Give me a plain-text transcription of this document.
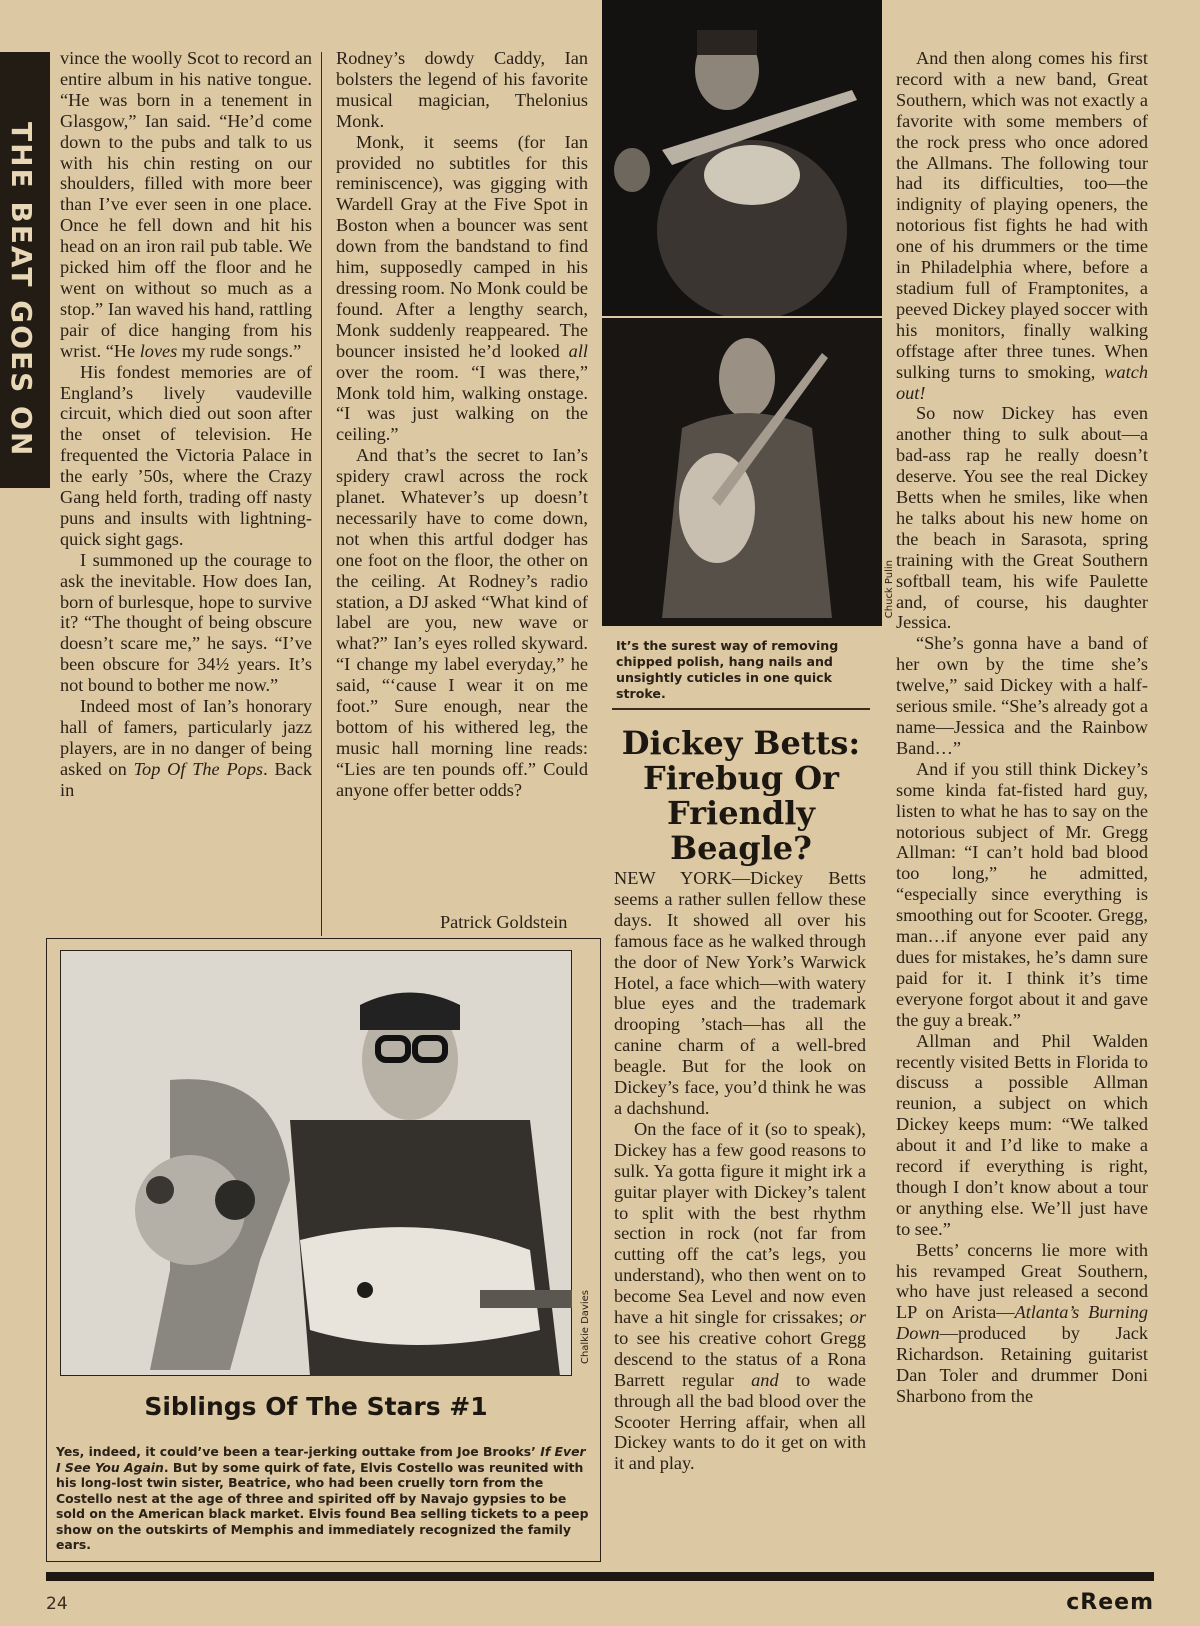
THE BEAT GOES ON

vince the woolly Scot to record an entire album in his native tongue. “He was born in a tenement in Glasgow,” Ian said. “He’d come down to the pubs and talk to us with his chin resting on our shoulders, filled with more beer than I’ve ever seen in one place. Once he fell down and hit his head on an iron rail pub table. We picked him off the floor and he went on without so much as a stop.” Ian waved his hand, rattling pair of dice hanging from his wrist. “He loves my rude songs.”

His fondest memories are of England’s lively vaudeville circuit, which died out soon after the onset of television. He frequented the Victoria Palace in the early ’50s, where the Crazy Gang held forth, trading off nasty puns and insults with lightning-quick sight gags.

I summoned up the courage to ask the inevitable. How does Ian, born of burlesque, hope to survive it? “The thought of being obscure doesn’t scare me,” he says. “I’ve been obscure for 34½ years. It’s not bound to bother me now.”

Indeed most of Ian’s honorary hall of famers, particularly jazz players, are in no danger of being asked on Top Of The Pops. Back in

Rodney’s dowdy Caddy, Ian bolsters the legend of his favorite musical magician, Thelonius Monk.

Monk, it seems (for Ian provided no subtitles for this reminiscence), was gigging with Wardell Gray at the Five Spot in Boston when a bouncer was sent down from the bandstand to find him, supposedly camped in his dressing room. No Monk could be found. After a lengthy search, Monk suddenly reappeared. The bouncer insisted he’d looked all over the room. “I was there,” Monk told him, walking onstage. “I was just walking on the ceiling.”

And that’s the secret to Ian’s spidery crawl across the rock planet. Whatever’s up doesn’t necessarily have to come down, not when this artful dodger has one foot on the floor, the other on the ceiling. At Rodney’s radio station, a DJ asked “What kind of label are you, new wave or what?” Ian’s eyes rolled skyward. “I change my label everyday,” he said, “‘cause I wear it on me foot.” Sure enough, near the bottom of his withered leg, the music hall morning line reads: “Lies are ten pounds off.” Could anyone offer better odds?

Patrick Goldstein
Chuck Pulin
It’s the surest way of removing chipped polish, hang nails and unsightly cuticles in one quick stroke.
Dickey Betts:
Firebug Or
Friendly
Beagle?

NEW YORK—Dickey Betts seems a rather sullen fellow these days. It showed all over his famous face as he walked through the door of New York’s Warwick Hotel, a face which—with watery blue eyes and the trademark drooping ’stach—has all the canine charm of a well-bred beagle. But for the look on Dickey’s face, you’d think he was a dachshund.

On the face of it (so to speak), Dickey has a few good reasons to sulk. Ya gotta figure it might irk a guitar player with Dickey’s talent to split with the best rhythm section in rock (not far from cutting off the cat’s legs, you understand), who then went on to become Sea Level and now even have a hit single for crissakes; or to see his creative cohort Gregg descend to the status of a Rona Barrett regular and to wade through all the bad blood over the Scooter Herring affair, when all Dickey wants to do it get on with it and play.

And then along comes his first record with a new band, Great Southern, which was not exactly a favorite with some members of the rock press who once adored the Allmans. The following tour had its difficulties, too—the indignity of playing openers, the notorious fist fights he had with one of his drummers or the time in Philadelphia where, before a stadium full of Framptonites, a peeved Dickey played soccer with his monitors, finally walking offstage after three tunes. When sulking turns to smoking, watch out!

So now Dickey has even another thing to sulk about—a bad-ass rap he really doesn’t deserve. You see the real Dickey Betts when he smiles, like when he talks about his new home on the beach in Sarasota, spring training with the Great Southern softball team, his wife Paulette and, of course, his daughter Jessica.

“She’s gonna have a band of her own by the time she’s twelve,” said Dickey with a half-serious smile. “She’s already got a name—Jessica and the Rainbow Band…”

And if you still think Dickey’s some kinda fat-fisted hard guy, listen to what he has to say on the notorious subject of Mr. Gregg Allman: “I can’t hold bad blood too long,” he admitted, “especially since everything is smoothing out for Scooter. Gregg, man…if anyone ever paid any dues for mistakes, he’s damn sure paid for it. I think it’s time everyone forgot about it and gave the guy a break.”

Allman and Phil Walden recently visited Betts in Florida to discuss a possible Allman reunion, a subject on which Dickey keeps mum: “We talked about it and I’d like to make a record if everything is right, though I don’t know about a tour or anything else. We’ll just have to see.”

Betts’ concerns lie more with his revamped Great Southern, who have just released a second LP on Arista—Atlanta’s Burning Down—produced by Jack Richardson. Retaining guitarist Dan Toler and drummer Doni Sharbono from the

Chalkie Davies
Siblings Of The Stars #1
Yes, indeed, it could’ve been a tear-jerking outtake from Joe Brooks’ If Ever I See You Again. But by some quirk of fate, Elvis Costello was reunited with his long-lost twin sister, Beatrice, who had been cruelly torn from the Costello nest at the age of three and spirited off by Navajo gypsies to be sold on the American black market. Elvis found Bea selling tickets to a peep show on the outskirts of Memphis and immediately recognized the family ears.
24	cReem
